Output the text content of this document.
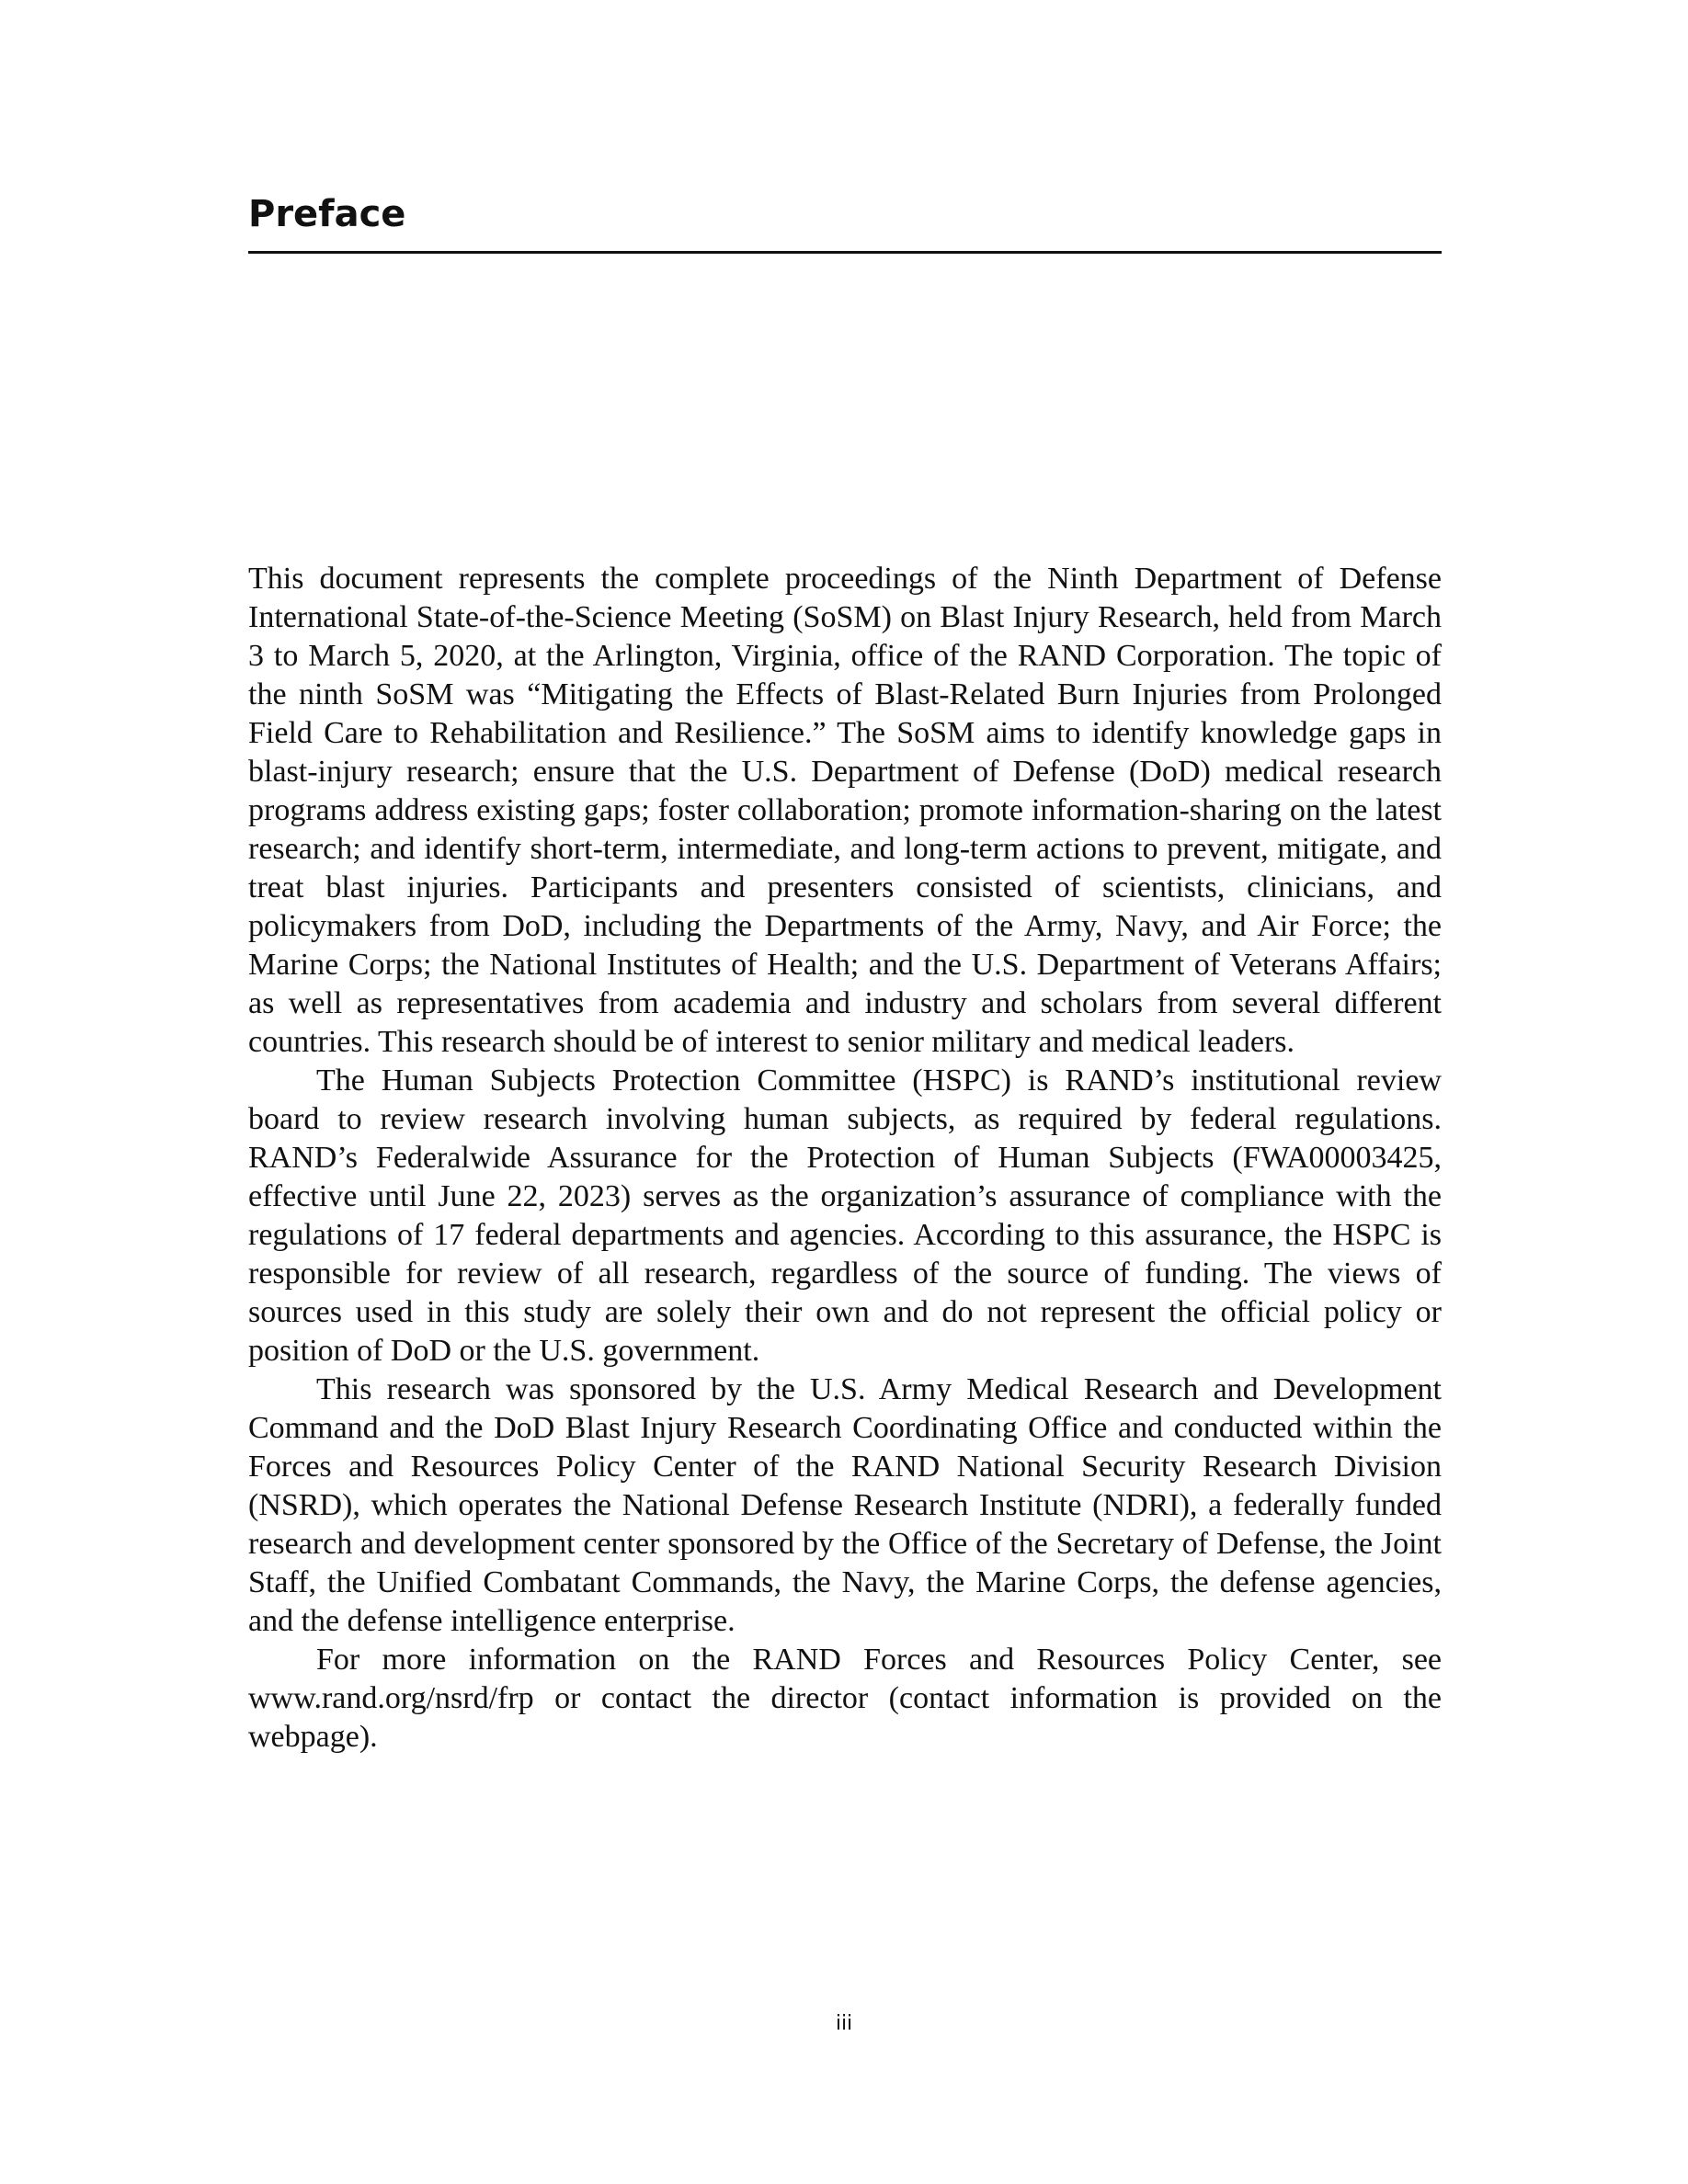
Preface

This document represents the complete proceedings of the Ninth Department of Defense International State-of-the-Science Meeting (SoSM) on Blast Injury Research, held from March 3 to March 5, 2020, at the Arlington, Virginia, office of the RAND Corporation. The topic of the ninth SoSM was “Mitigating the Effects of Blast-Related Burn Injuries from Prolonged Field Care to Rehabilitation and Resilience.” The SoSM aims to identify knowledge gaps in blast-injury research; ensure that the U.S. Department of Defense (DoD) medical research programs address existing gaps; foster collaboration; promote information-sharing on the latest research; and identify short-term, intermediate, and long-term actions to prevent, mitigate, and treat blast injuries. Participants and presenters consisted of scientists, clinicians, and policymakers from DoD, including the Departments of the Army, Navy, and Air Force; the Marine Corps; the National Institutes of Health; and the U.S. Department of Veterans Affairs; as well as representatives from academia and industry and scholars from several different countries. This research should be of interest to senior military and medical leaders.

The Human Subjects Protection Committee (HSPC) is RAND’s institutional review board to review research involving human subjects, as required by federal regulations. RAND’s Federalwide Assurance for the Protection of Human Subjects (FWA00003425, effective until June 22, 2023) serves as the organization’s assurance of compliance with the regulations of 17 federal departments and agencies. According to this assurance, the HSPC is responsible for review of all research, regardless of the source of funding. The views of sources used in this study are solely their own and do not represent the official policy or position of DoD or the U.S. government.

This research was sponsored by the U.S. Army Medical Research and Development Command and the DoD Blast Injury Research Coordinating Office and conducted within the Forces and Resources Policy Center of the RAND National Security Research Division (NSRD), which operates the National Defense Research Institute (NDRI), a federally funded research and development center sponsored by the Office of the Secretary of Defense, the Joint Staff, the Unified Combatant Commands, the Navy, the Marine Corps, the defense agencies, and the defense intelligence enterprise.

For more information on the RAND Forces and Resources Policy Center, see www.rand.org/nsrd/frp or contact the director (contact information is provided on the webpage).

iii
